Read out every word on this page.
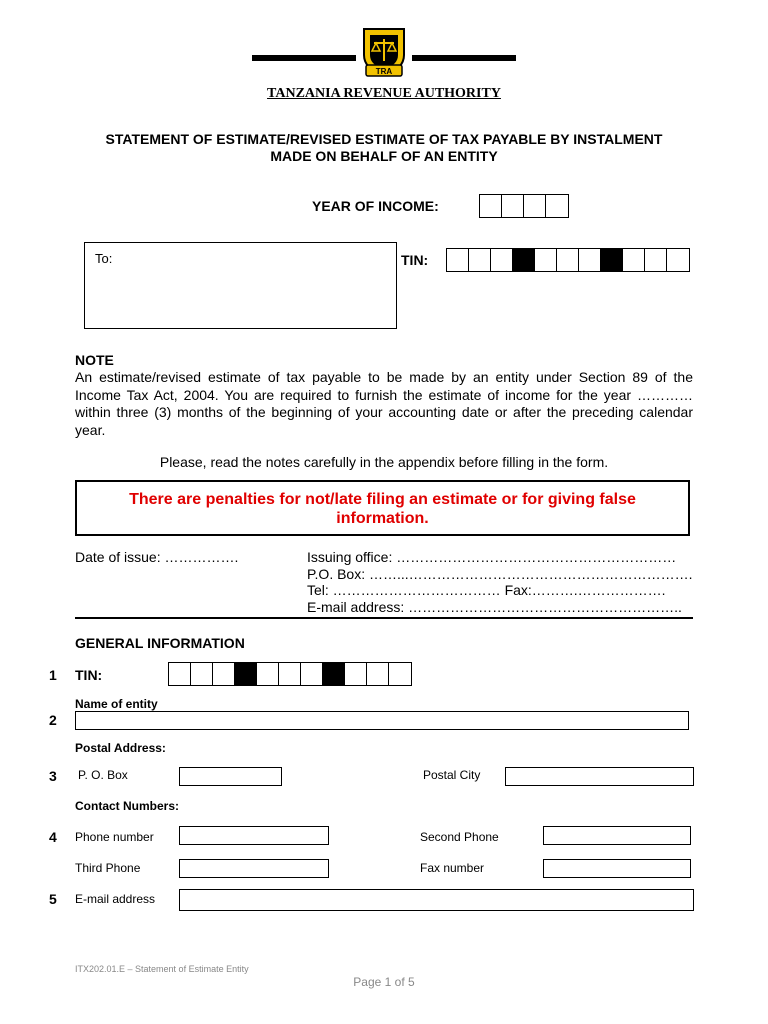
TRA
TANZANIA REVENUE AUTHORITY
STATEMENT OF ESTIMATE/REVISED ESTIMATE OF TAX PAYABLE BY INSTALMENT
MADE ON BEHALF OF AN ENTITY
YEAR OF INCOME:
To:	TIN:
NOTE
An estimate/revised estimate of tax payable to be made by an entity under Section 89 of the Income Tax Act, 2004. You are required to furnish the estimate of income for the year ………… within three (3) months of the beginning of your accounting date or after the preceding calendar year.
Please, read the notes carefully in the appendix before filling in the form.
There are penalties for not/late filing an estimate or for giving false
information.
Date of issue: …………….	Issuing office: ……………………………………………………
P.O. Box: ……...…………………………………………………….
Tel: ……………………………… Fax:……….……………….
E-mail address: …………………………………………………..
GENERAL INFORMATION
1 TIN:
Name of entity
2
Postal Address:
3 P. O. Box	Postal City
Contact Numbers:
4 Phone number	Second Phone
Third Phone	Fax number
5 E-mail address
ITX202.01.E – Statement of Estimate Entity
Page 1 of 5
